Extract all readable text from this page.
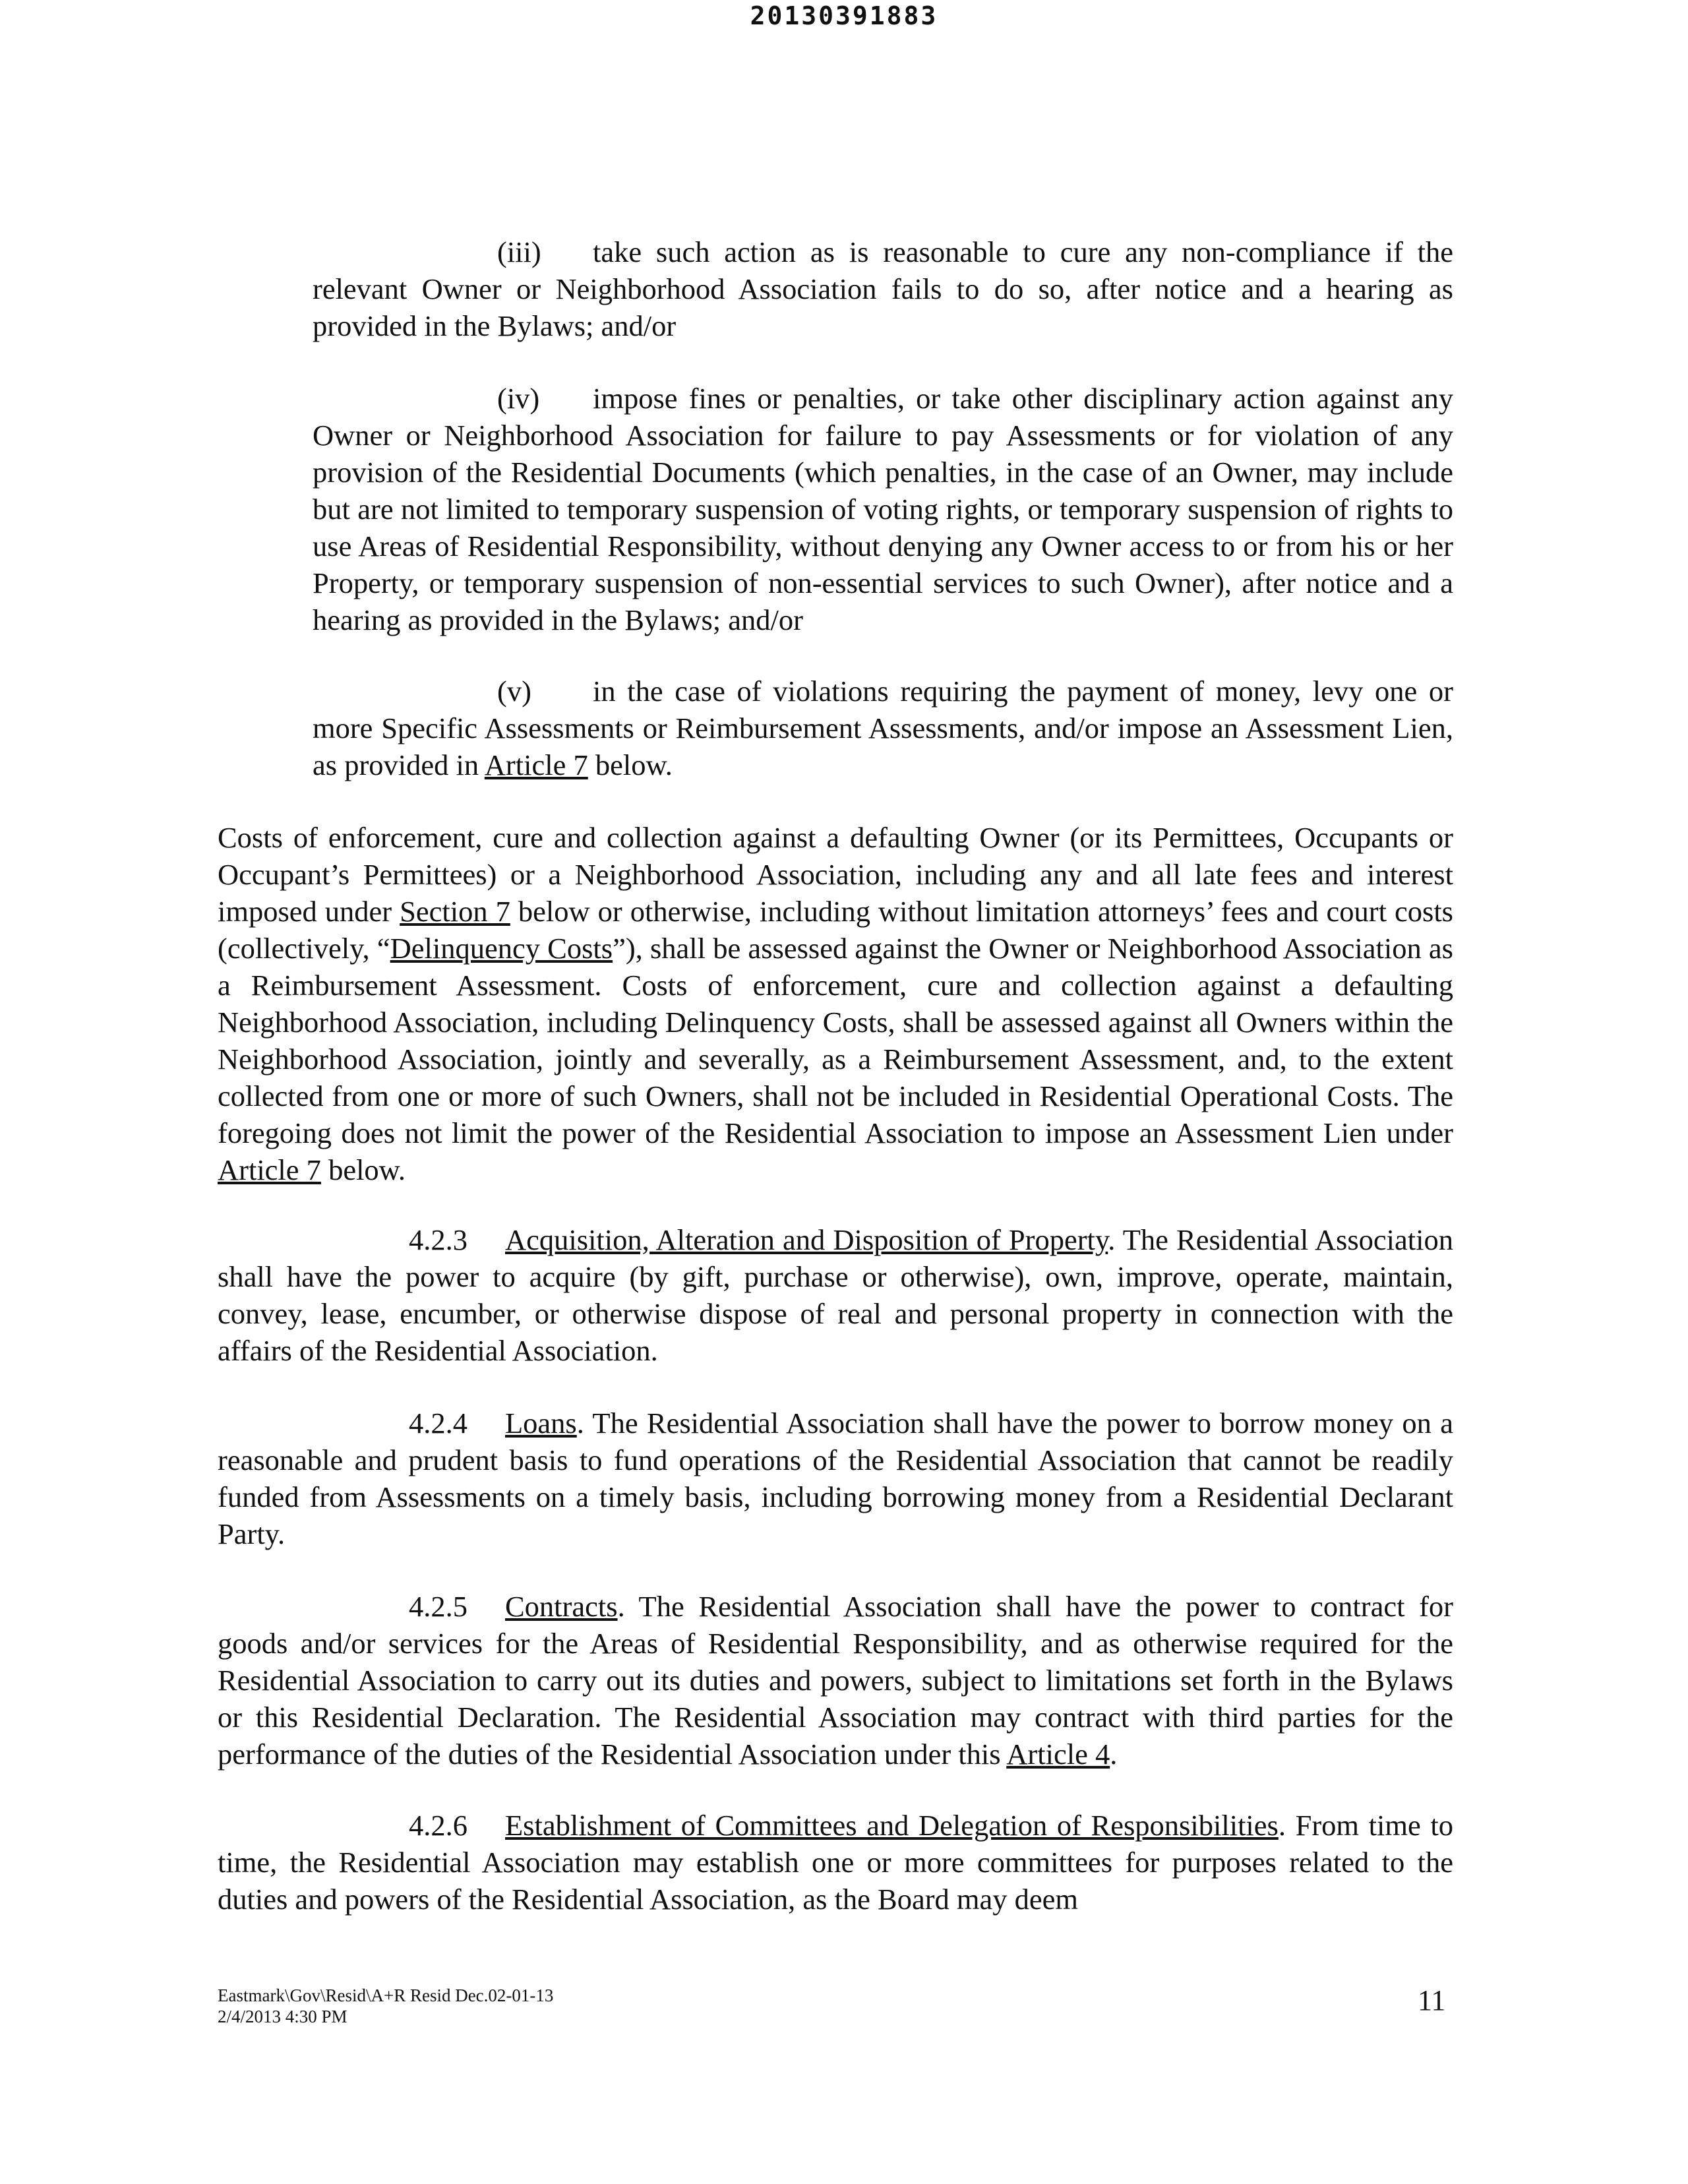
20130391883

(iii) take such action as is reasonable to cure any non-compliance if the relevant Owner or Neighborhood Association fails to do so, after notice and a hearing as provided in the Bylaws; and/or

(iv) impose fines or penalties, or take other disciplinary action against any Owner or Neighborhood Association for failure to pay Assessments or for violation of any provision of the Residential Documents (which penalties, in the case of an Owner, may include but are not limited to temporary suspension of voting rights, or temporary suspension of rights to use Areas of Residential Responsibility, without denying any Owner access to or from his or her Property, or temporary suspension of non-essential services to such Owner), after notice and a hearing as provided in the Bylaws; and/or

(v) in the case of violations requiring the payment of money, levy one or more Specific Assessments or Reimbursement Assessments, and/or impose an Assessment Lien, as provided in Article 7 below.

Costs of enforcement, cure and collection against a defaulting Owner (or its Permittees, Occupants or Occupant’s Permittees) or a Neighborhood Association, including any and all late fees and interest imposed under Section 7 below or otherwise, including without limitation attorneys’ fees and court costs (collectively, “Delinquency Costs”), shall be assessed against the Owner or Neighborhood Association as a Reimbursement Assessment. Costs of enforcement, cure and collection against a defaulting Neighborhood Association, including Delinquency Costs, shall be assessed against all Owners within the Neighborhood Association, jointly and severally, as a Reimbursement Assessment, and, to the extent collected from one or more of such Owners, shall not be included in Residential Operational Costs. The foregoing does not limit the power of the Residential Association to impose an Assessment Lien under Article 7 below.

4.2.3 Acquisition, Alteration and Disposition of Property. The Residential Association shall have the power to acquire (by gift, purchase or otherwise), own, improve, operate, maintain, convey, lease, encumber, or otherwise dispose of real and personal property in connection with the affairs of the Residential Association.

4.2.4 Loans. The Residential Association shall have the power to borrow money on a reasonable and prudent basis to fund operations of the Residential Association that cannot be readily funded from Assessments on a timely basis, including borrowing money from a Residential Declarant Party.

4.2.5 Contracts. The Residential Association shall have the power to contract for goods and/or services for the Areas of Residential Responsibility, and as otherwise required for the Residential Association to carry out its duties and powers, subject to limitations set forth in the Bylaws or this Residential Declaration. The Residential Association may contract with third parties for the performance of the duties of the Residential Association under this Article 4.

4.2.6 Establishment of Committees and Delegation of Responsibilities. From time to time, the Residential Association may establish one or more committees for purposes related to the duties and powers of the Residential Association, as the Board may deem

Eastmark\Gov\Resid\A+R Resid Dec.02-01-13
2/4/2013 4:30 PM	11
